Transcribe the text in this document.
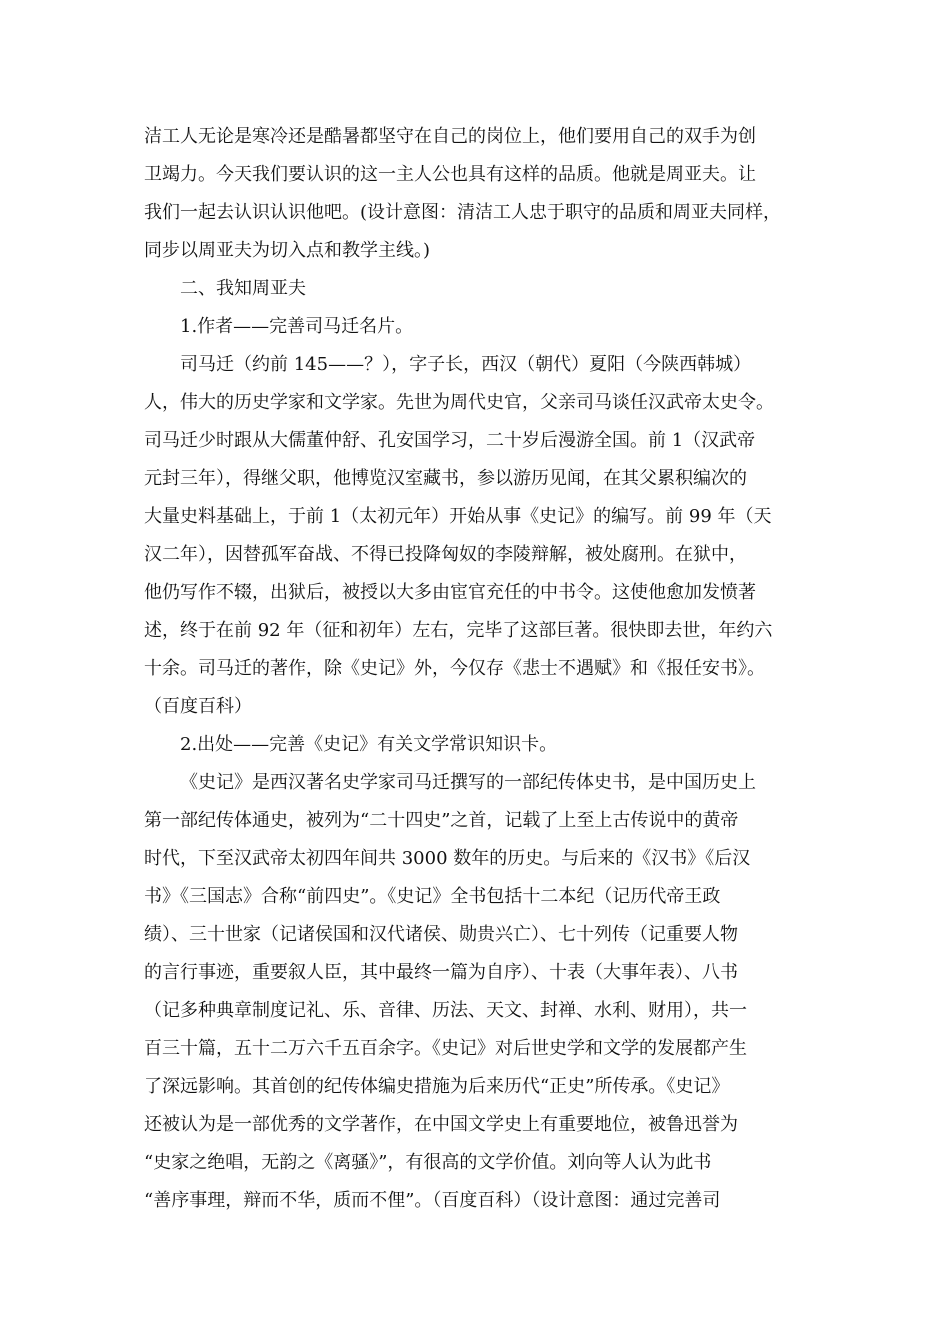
洁工人无论是寒冷还是酷暑都坚守在自己的岗位上，他们要用自己的双手为创
卫竭力。今天我们要认识的这一主人公也具有这样的品质。他就是周亚夫。让
我们一起去认识认识他吧。(设计意图：清洁工人忠于职守的品质和周亚夫同样，
同步以周亚夫为切入点和教学主线。)
二、我知周亚夫
1.作者——完善司马迁名片。
司马迁（约前 145——？），字子长，西汉（朝代）夏阳（今陕西韩城）
人，伟大的历史学家和文学家。先世为周代史官，父亲司马谈任汉武帝太史令。
司马迁少时跟从大儒董仲舒、孔安国学习，二十岁后漫游全国。前 1（汉武帝
元封三年），得继父职，他博览汉室藏书，参以游历见闻，在其父累积编次的
大量史料基础上，于前 1（太初元年）开始从事《史记》的编写。前 99 年（天
汉二年），因替孤军奋战、不得已投降匈奴的李陵辩解，被处腐刑。在狱中，
他仍写作不辍，出狱后，被授以大多由宦官充任的中书令。这使他愈加发愤著
述，终于在前 92 年（征和初年）左右，完毕了这部巨著。很快即去世，年约六
十余。司马迁的著作，除《史记》外，今仅存《悲士不遇赋》和《报任安书》。
（百度百科）
2.出处——完善《史记》有关文学常识知识卡。
《史记》是西汉著名史学家司马迁撰写的一部纪传体史书，是中国历史上
第一部纪传体通史，被列为“二十四史”之首，记载了上至上古传说中的黄帝
时代，下至汉武帝太初四年间共 3000 数年的历史。与后来的《汉书》《后汉
书》《三国志》合称“前四史”。《史记》全书包括十二本纪（记历代帝王政
绩）、三十世家（记诸侯国和汉代诸侯、勋贵兴亡）、七十列传（记重要人物
的言行事迹，重要叙人臣，其中最终一篇为自序）、十表（大事年表）、八书
（记多种典章制度记礼、乐、音律、历法、天文、封禅、水利、财用），共一
百三十篇，五十二万六千五百余字。《史记》对后世史学和文学的发展都产生
了深远影响。其首创的纪传体编史措施为后来历代“正史”所传承。《史记》
还被认为是一部优秀的文学著作，在中国文学史上有重要地位，被鲁迅誉为
“史家之绝唱，无韵之《离骚》”，有很高的文学价值。刘向等人认为此书
“善序事理，辩而不华，质而不俚”。（百度百科）（设计意图：通过完善司
